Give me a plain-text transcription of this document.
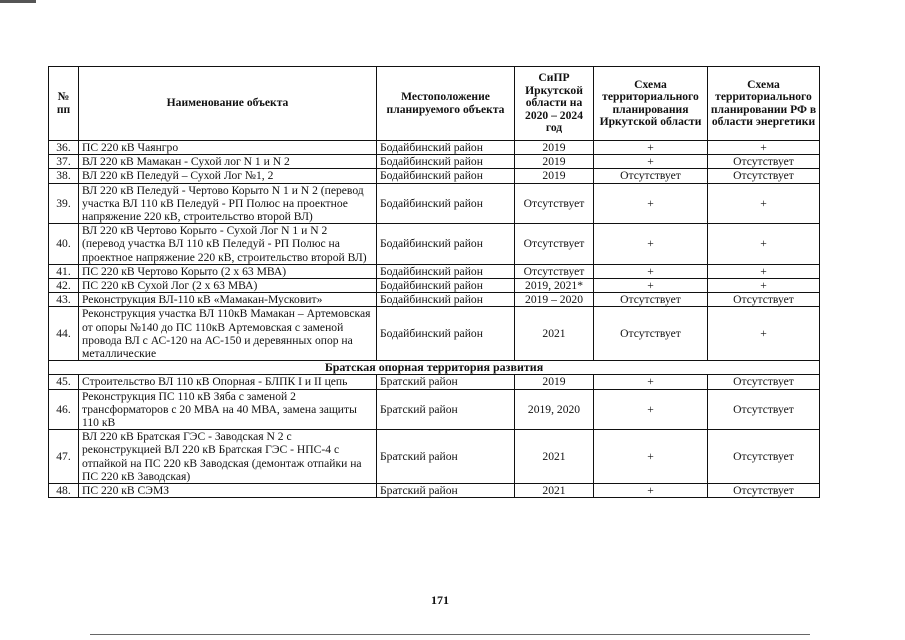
№ пп	Наименование объекта	Местоположение планируемого объекта	СиПР Иркутской области на 2020 – 2024 год	Схема территориального планирования Иркутской области	Схема территориального планировании РФ в области энергетики
36.	ПС 220 кВ Чаянгро	Бодайбинский район	2019	+	+
37.	ВЛ 220 кВ Мамакан - Сухой лог N 1 и N 2	Бодайбинский район	2019	+	Отсутствует
38.	ВЛ 220 кВ Пеледуй – Сухой Лог №1, 2	Бодайбинский район	2019	Отсутствует	Отсутствует
39.	ВЛ 220 кВ Пеледуй - Чертово Корыто N 1 и N 2 (перевод участка ВЛ 110 кВ Пеледуй - РП Полюс на проектное напряжение 220 кВ, строительство второй ВЛ)	Бодайбинский район	Отсутствует	+	+
40.	ВЛ 220 кВ Чертово Корыто - Сухой Лог N 1 и N 2 (перевод участка ВЛ 110 кВ Пеледуй - РП Полюс на проектное напряжение 220 кВ, строительство второй ВЛ)	Бодайбинский район	Отсутствует	+	+
41.	ПС 220 кВ Чертово Корыто (2 х 63 МВА)	Бодайбинский район	Отсутствует	+	+
42.	ПС 220 кВ Сухой Лог (2 х 63 МВА)	Бодайбинский район	2019, 2021*	+	+
43.	Реконструкция ВЛ-110 кВ «Мамакан-Мусковит»	Бодайбинский район	2019 – 2020	Отсутствует	Отсутствует
44.	Реконструкция участка ВЛ 110кВ Мамакан – Артемовская от опоры №140 до ПС 110кВ Артемовская с заменой провода ВЛ с АС-120 на АС-150 и деревянных опор на металлические	Бодайбинский район	2021	Отсутствует	+
Братская опорная территория развития					
45.	Строительство ВЛ 110 кВ Опорная - БЛПК I и II цепь	Братский район	2019	+	Отсутствует
46.	Реконструкция ПС 110 кВ Зяба с заменой 2 трансформаторов с 20 МВА на 40 МВА, замена защиты 110 кВ	Братский район	2019, 2020	+	Отсутствует
47.	ВЛ 220 кВ Братская ГЭС - Заводская N 2 с реконструкцией ВЛ 220 кВ Братская ГЭС - НПС-4 с отпайкой на ПС 220 кВ Заводская (демонтаж отпайки на ПС 220 кВ Заводская)	Братский район	2021	+	Отсутствует
48.	ПС 220 кВ СЭМЗ	Братский район	2021	+	Отсутствует
171
